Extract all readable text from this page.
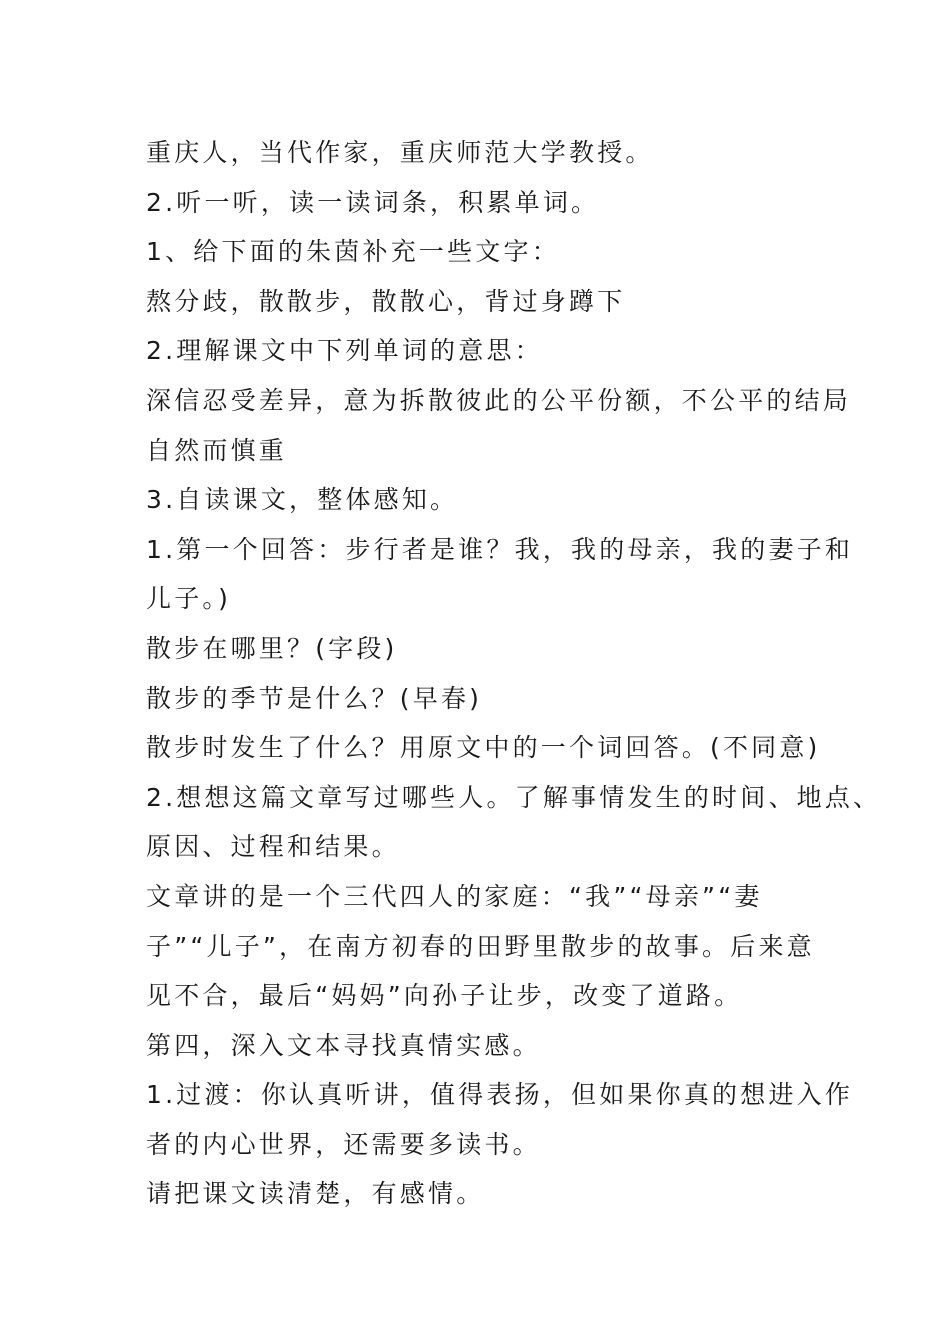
重庆人，当代作家，重庆师范大学教授。
2.听一听，读一读词条，积累单词。
1、给下面的朱茵补充一些文字：
熬分歧，散散步，散散心，背过身蹲下
2.理解课文中下列单词的意思：
深信忍受差异，意为拆散彼此的公平份额，不公平的结局
自然而慎重
3.自读课文，整体感知。
1.第一个回答：步行者是谁？我，我的母亲，我的妻子和
儿子。)
散步在哪里？(字段)
散步的季节是什么？(早春)
散步时发生了什么？用原文中的一个词回答。(不同意)
2.想想这篇文章写过哪些人。了解事情发生的时间、地点、
原因、过程和结果。
文章讲的是一个三代四人的家庭：“我”“母亲”“妻
子”“儿子”，在南方初春的田野里散步的故事。后来意
见不合，最后“妈妈”向孙子让步，改变了道路。
第四，深入文本寻找真情实感。
1.过渡：你认真听讲，值得表扬，但如果你真的想进入作
者的内心世界，还需要多读书。
请把课文读清楚，有感情。
